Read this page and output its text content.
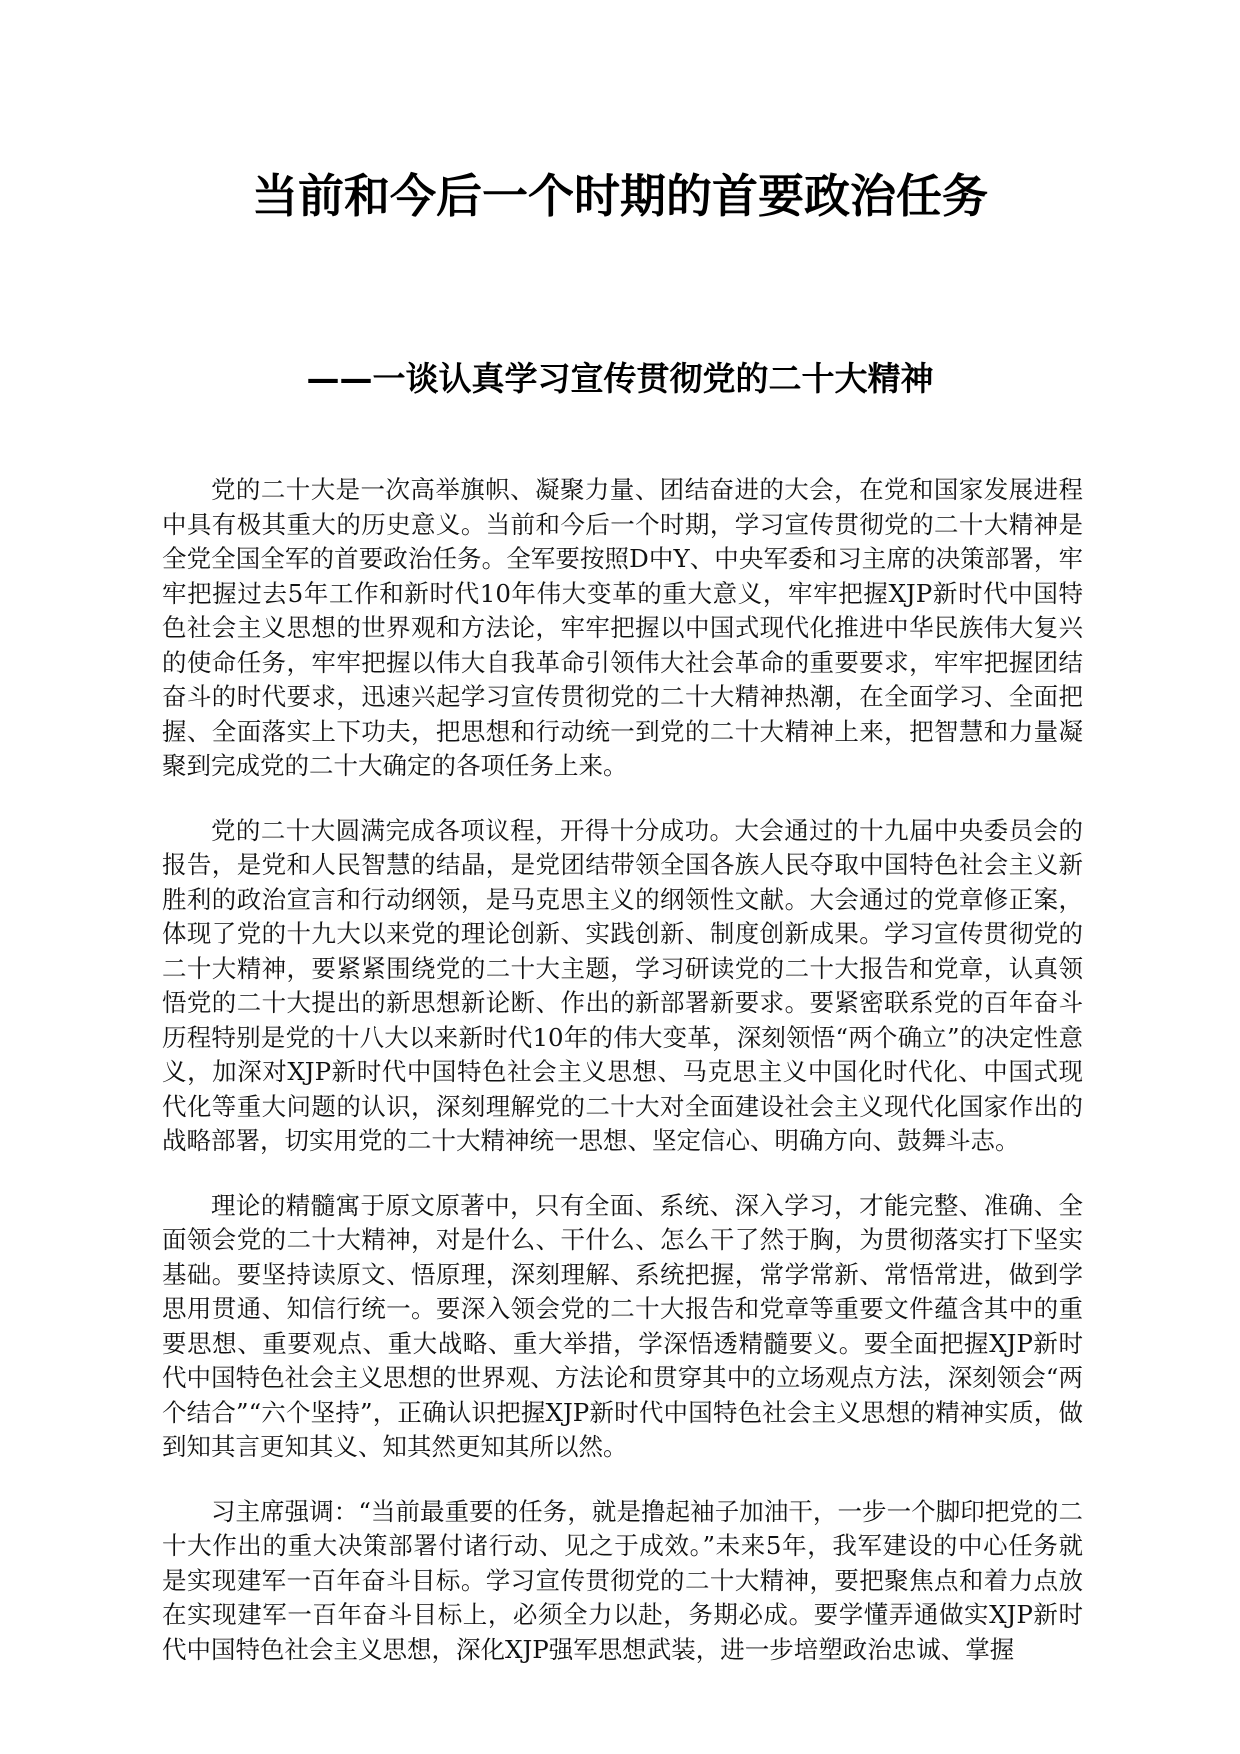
当前和今后一个时期的首要政治任务
——一谈认真学习宣传贯彻党的二十大精神

党的二十大是一次高举旗帜、凝聚力量、团结奋进的大会，在党和国家发展进程中具有极其重大的历史意义。当前和今后一个时期，学习宣传贯彻党的二十大精神是全党全国全军的首要政治任务。全军要按照D中Y、中央军委和习主席的决策部署，牢牢把握过去5年工作和新时代10年伟大变革的重大意义，牢牢把握XJP新时代中国特色社会主义思想的世界观和方法论，牢牢把握以中国式现代化推进中华民族伟大复兴的使命任务，牢牢把握以伟大自我革命引领伟大社会革命的重要要求，牢牢把握团结奋斗的时代要求，迅速兴起学习宣传贯彻党的二十大精神热潮，在全面学习、全面把握、全面落实上下功夫，把思想和行动统一到党的二十大精神上来，把智慧和力量凝聚到完成党的二十大确定的各项任务上来。

党的二十大圆满完成各项议程，开得十分成功。大会通过的十九届中央委员会的报告，是党和人民智慧的结晶，是党团结带领全国各族人民夺取中国特色社会主义新胜利的政治宣言和行动纲领，是马克思主义的纲领性文献。大会通过的党章修正案，体现了党的十九大以来党的理论创新、实践创新、制度创新成果。学习宣传贯彻党的二十大精神，要紧紧围绕党的二十大主题，学习研读党的二十大报告和党章，认真领悟党的二十大提出的新思想新论断、作出的新部署新要求。要紧密联系党的百年奋斗历程特别是党的十八大以来新时代10年的伟大变革，深刻领悟“两个确立”的决定性意义，加深对XJP新时代中国特色社会主义思想、马克思主义中国化时代化、中国式现代化等重大问题的认识，深刻理解党的二十大对全面建设社会主义现代化国家作出的战略部署，切实用党的二十大精神统一思想、坚定信心、明确方向、鼓舞斗志。

理论的精髓寓于原文原著中，只有全面、系统、深入学习，才能完整、准确、全面领会党的二十大精神，对是什么、干什么、怎么干了然于胸，为贯彻落实打下坚实基础。要坚持读原文、悟原理，深刻理解、系统把握，常学常新、常悟常进，做到学思用贯通、知信行统一。要深入领会党的二十大报告和党章等重要文件蕴含其中的重要思想、重要观点、重大战略、重大举措，学深悟透精髓要义。要全面把握XJP新时代中国特色社会主义思想的世界观、方法论和贯穿其中的立场观点方法，深刻领会“两个结合”“六个坚持”，正确认识把握XJP新时代中国特色社会主义思想的精神实质，做到知其言更知其义、知其然更知其所以然。

习主席强调：“当前最重要的任务，就是撸起袖子加油干，一步一个脚印把党的二十大作出的重大决策部署付诸行动、见之于成效。”未来5年，我军建设的中心任务就是实现建军一百年奋斗目标。学习宣传贯彻党的二十大精神，要把聚焦点和着力点放在实现建军一百年奋斗目标上，必须全力以赴，务期必成。要学懂弄通做实XJP新时代中国特色社会主义思想，深化XJP强军思想武装，进一步培塑政治忠诚、掌握
